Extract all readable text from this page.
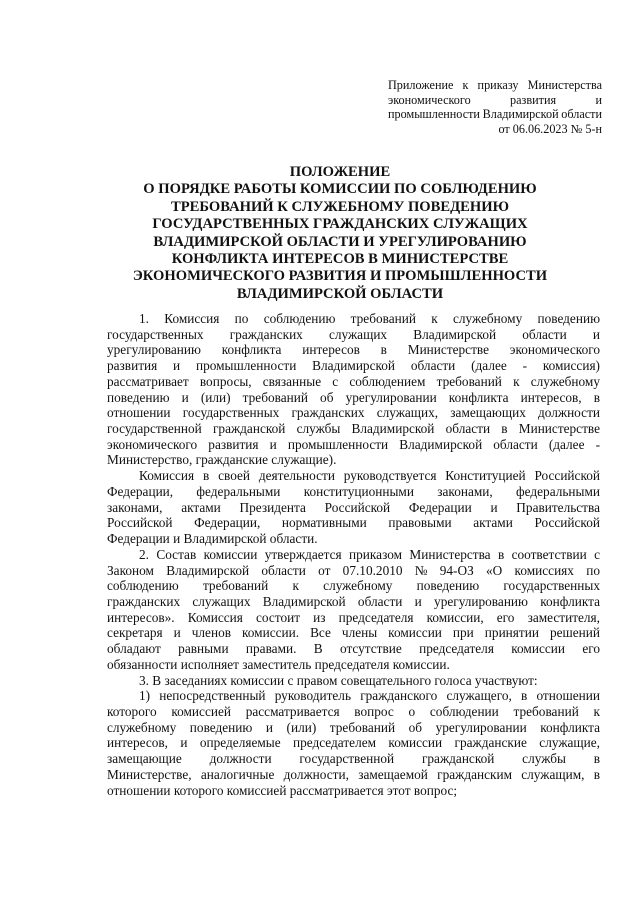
Приложение к приказу Министерства
экономического развития и
промышленности Владимирской области
от 06.06.2023 № 5-н
ПОЛОЖЕНИЕ
О ПОРЯДКЕ РАБОТЫ КОМИССИИ ПО СОБЛЮДЕНИЮ
ТРЕБОВАНИЙ К СЛУЖЕБНОМУ ПОВЕДЕНИЮ
ГОСУДАРСТВЕННЫХ ГРАЖДАНСКИХ СЛУЖАЩИХ
ВЛАДИМИРСКОЙ ОБЛАСТИ И УРЕГУЛИРОВАНИЮ
КОНФЛИКТА ИНТЕРЕСОВ В МИНИСТЕРСТВЕ
ЭКОНОМИЧЕСКОГО РАЗВИТИЯ И ПРОМЫШЛЕННОСТИ
ВЛАДИМИРСКОЙ ОБЛАСТИ
1. Комиссия по соблюдению требований к служебному поведению
государственных гражданских служащих Владимирской области и
урегулированию конфликта интересов в Министерстве экономического
развития и промышленности Владимирской области (далее - комиссия)
рассматривает вопросы, связанные с соблюдением требований к служебному
поведению и (или) требований об урегулировании конфликта интересов, в
отношении государственных гражданских служащих, замещающих должности
государственной гражданской службы Владимирской области в Министерстве
экономического развития и промышленности Владимирской области (далее -
Министерство, гражданские служащие).
Комиссия в своей деятельности руководствуется Конституцией Российской
Федерации, федеральными конституционными законами, федеральными
законами, актами Президента Российской Федерации и Правительства
Российской Федерации, нормативными правовыми актами Российской
Федерации и Владимирской области.
2. Состав комиссии утверждается приказом Министерства в соответствии с
Законом Владимирской области от 07.10.2010 № 94-ОЗ «О комиссиях по
соблюдению требований к служебному поведению государственных
гражданских служащих Владимирской области и урегулированию конфликта
интересов». Комиссия состоит из председателя комиссии, его заместителя,
секретаря и членов комиссии. Все члены комиссии при принятии решений
обладают равными правами. В отсутствие председателя комиссии его
обязанности исполняет заместитель председателя комиссии.
3. В заседаниях комиссии с правом совещательного голоса участвуют:
1) непосредственный руководитель гражданского служащего, в отношении
которого комиссией рассматривается вопрос о соблюдении требований к
служебному поведению и (или) требований об урегулировании конфликта
интересов, и определяемые председателем комиссии гражданские служащие,
замещающие должности государственной гражданской службы в
Министерстве, аналогичные должности, замещаемой гражданским служащим, в
отношении которого комиссией рассматривается этот вопрос;
